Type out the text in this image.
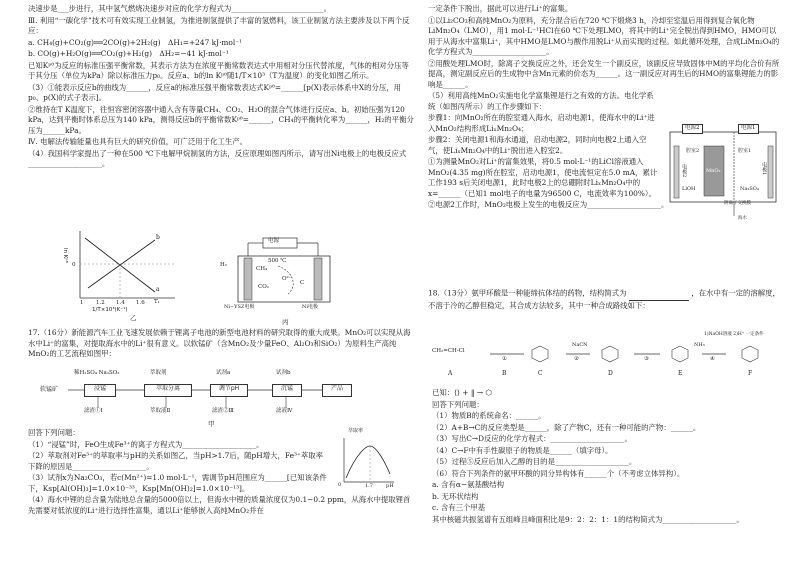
决速步是___步进行，其中氢气燃烧决速步对应的化学方程式为_________________________。

Ⅲ. 利用“一碳化学”技术可有效实现工业制氢，为推进制氢提供了丰富的氢燃料，该工业制氢方法主要涉及以下两个反应：

a. CH₄(g)+CO₂(g)══2CO(g)+2H₂(g)　ΔH₁=+247 kJ·mol⁻¹

b. CO(g)+H₂O(g)══CO₂(g)+H₂(g)　ΔH₂=−41 kJ·mol⁻¹

已知Kᵖᶿ为反应的标准压强平衡常数，其表示方法为在浓度平衡常数表达式中用相对分压代替浓度，气体的相对分压等于其分压（单位为kPa）除以标准压力p₀。反应a、b的ln Kᵖᶿ随1/T×10³（T为温度）的变化如图乙所示。

（3）①能表示反应b的曲线为______，反应a的标准压强平衡常数表达式Kᵖᶿ=______[p(X)表示体系中X的分压，用p₀、p(X)的式子表示]。

②维持在T K温度下，往恒容密闭容器中通入含有等量CH₄、CO₂、H₂O的混合气体进行反应a、b。初始压强为120 kPa，达到平衡时体系总压为140 kPa，测得反应b的平衡常数Kᵖᶿ=______，CH₄的平衡转化率为______，H₂的平衡分压为______kPa。

Ⅳ. 电解法传输能量也具有巨大的研究价值，可广泛用于化工生产。

（4）我国科学家提出了一种在500 ℃下电解甲烷制氢的方法，反应原理如图丙所示，请写出Ni电极上的电极反应式____________________。

ln Kᵖᶿ
a
b
0
1 1.2 1.4 1.6 T₁
1/T×10³(K⁻¹)
乙
电源
500 ℃
H₂
CH₄
CO₂
C
O²⁻
Ni−YSZ电极	Ni电极
丙

17.（16分）新能源汽车工业飞速发展依赖于锂离子电池的新型电池材料的研究取得的重大成果。MnO₂可以实现从海水中Li⁺的富集，对提取海水中的Li⁺很有意义。以软锰矿（含MnO₂及少量FeO、Al₂O₃和SiO₂）为原料生产高纯MnO₂的工艺流程如图甲：

软锰矿	浸锰	萃取分离	调节pH	沉锰	产品
稀H₂SO₄ Na₂SO₃	萃取剂	试剂a	试剂b
滤渣①Ⅰ	萃取液Ⅱ	滤渣②Ⅲ	滤液Ⅳ
甲

回答下列问题：

（1）“浸锰”时，FeO生成Fe³⁺的离子方程式为____________________。

（2）萃取剂对Fe³⁺的萃取率与pH的关系如图乙，当pH>1.7后，随pH增大，Fe³⁺萃取率下降的原因是____________________。

（3）试剂x为Na₂CO₃，若c(Mn²⁺)=1.0 mol·L⁻¹，需调节pH范围应为______[已知该条件下，Ksp[Al(OH)₃]=1.0×10⁻³³，Ksp[Mn(OH)₂]=1.0×10⁻¹³]。

（4）海水中锂的总含量为陆地总含量的5000倍以上，但海水中锂的质量浓度仅为0.1~0.2 ppm，从海水中提取锂首先需要对低浓度的Li⁺进行选择性富集，通以Li⁺能够嵌入高纯MnO₂并在

萃取率
0	1.7	pH

一定条件下脱出，据此可以进行Li⁺的富集。

①以Li₂CO₃和高纯MnO₂为原料，充分混合后在720 ℃下煅烧3 h，冷却至室温后用得到复合氧化物LiMn₂O₄（LMO），用1 mol·L⁻¹HCl在60 ℃下处理LMO，将其中的Li⁺完全脱出得到HMO，HMO可以用于从海水中富集Li⁺，其中HMO是LMO与酸作用脱Li⁺从而实现的过程。如此循环处理，合成LiMn₂O₄的化学方程式为____________________。

②用酸处理LMO时，除离子交换反应之外，还会发生一个副反应，该副反应导致固体中M的平均化合价有所提高，测定副反应后的生成物中含Mn元素的价态为______。这一副反应对再生后的HMO的富集锂能力的影响是______。

（5）利用高纯MnO₂实施电化学富集锂是行之有效的方法。电化学系统（如图丙所示）的工作步骤如下：

步骤1：向MnO₂所在的腔室通入海水，启动电源1，使海水中的Li⁺进入MnO₂结构形成LiₓMn₂O₄；

步骤2：关闭电源1和海水通道，启动电源2，同时向电极2上通入空气，使LiₓMn₂O₄中的Li⁺脱出进入腔室2。

①为测量MnO₂对Li⁺的富集效果，将0.5 mol·L⁻¹的LiCl溶液通入MnO₂(4.35 mg)所在腔室，启动电源1，使电流恒定在5.0 mA，累计工作193 s后关闭电源1，此时电极2上的总硼附时LiₓMn₂O₄中的x=______（已知1 mol电子的电量为96500 C，电流效率为100%）。

②电源2工作时，MnO₂电极上发生的电极反应为____________________。

电源2	电源1
电极2
腔室2
MnO₂
腔室1
电极1
LiOH	Na₂SO₄
阴离子交换膜
海水

18.（13分）氨甲环酸是一种能缔抗体结的药物，结构简式为	，在水中有一定的溶解度，不溶于冷的乙醇但稳定，其合成方法较多，其中一种合成路线如下：

CH₂=CH-Cl
NaCN	NH₃
1)NaOH溶液 2)H⁺ 一定条件
①	②	③	④
A	B	C	D	E	F

已知：⟨⟩ + ‖ → ⬡

回答下列问题：

（1）物质B的系统命名：______。

（2）A+B→C的反应类型是______，除了产物C，还有一种可能的产物：______。

（3）写出C→D反应的化学方程式：____________________。

（4）C→F中有手性碳原子的物质是______（填字母）。

（5）过程⑤反应后加入乙醇的目的是____________________。

（6）符合下列条件的氨甲环酸的同分异构体有______个（不考虑立体异构）。

a. 含有α−氨基酸结构

b. 无环状结构

c. 含有三个甲基

其中核磁共振氢谱有五组峰且峰面积比是9：2：2：1：1的结构简式为____________________。
